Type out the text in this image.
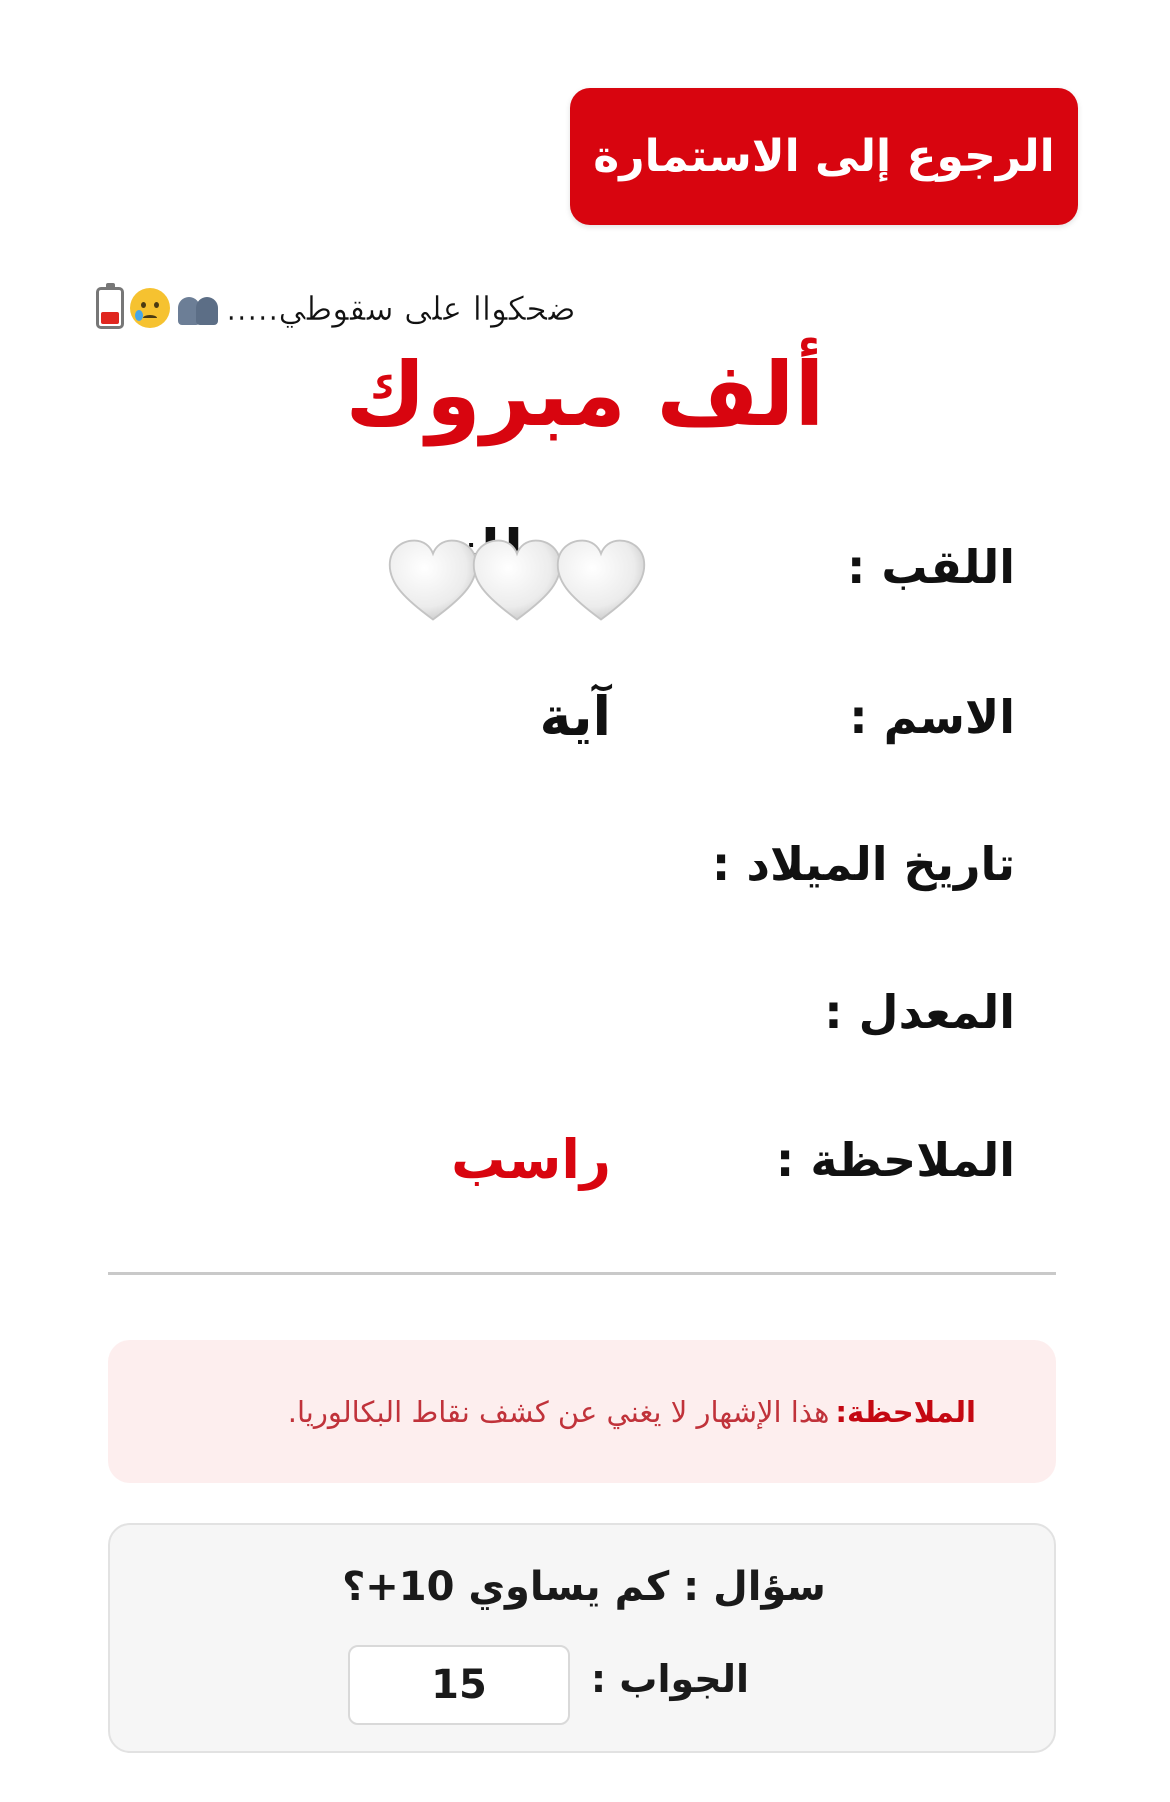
الرجوع إلى الاستمارة
ضحكواا على سقوطي.....
ألف مبروك
اللقب :
الاسم :
آية
تاريخ الميلاد :
المعدل :
الملاحظة :
راسب
الملاحظة:
هذا الإشهار لا يغني عن كشف نقاط البكالوريا.
سؤال : كم يساوي 10+؟
الجواب :
15
